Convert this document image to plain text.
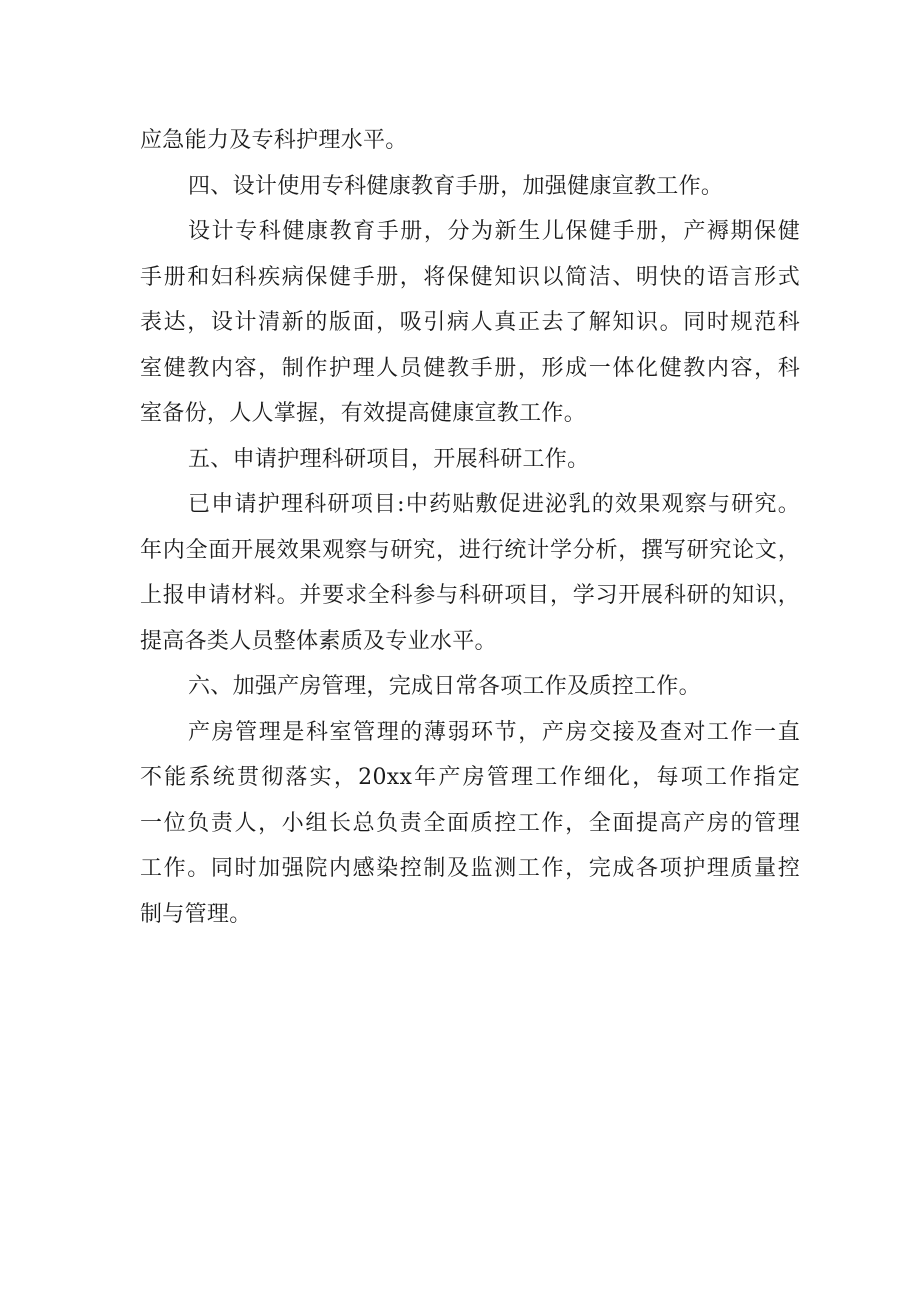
应急能力及专科护理水平。

四、设计使用专科健康教育手册，加强健康宣教工作。

设计专科健康教育手册，分为新生儿保健手册，产褥期保健
手册和妇科疾病保健手册，将保健知识以简洁、明快的语言形式
表达，设计清新的版面，吸引病人真正去了解知识。同时规范科
室健教内容，制作护理人员健教手册，形成一体化健教内容，科
室备份，人人掌握，有效提高健康宣教工作。

五、申请护理科研项目，开展科研工作。

已申请护理科研项目:中药贴敷促进泌乳的效果观察与研究。
年内全面开展效果观察与研究，进行统计学分析，撰写研究论文，
上报申请材料。并要求全科参与科研项目，学习开展科研的知识，
提高各类人员整体素质及专业水平。

六、加强产房管理，完成日常各项工作及质控工作。

产房管理是科室管理的薄弱环节，产房交接及查对工作一直
不能系统贯彻落实，20xx年产房管理工作细化，每项工作指定
一位负责人，小组长总负责全面质控工作，全面提高产房的管理
工作。同时加强院内感染控制及监测工作，完成各项护理质量控
制与管理。
